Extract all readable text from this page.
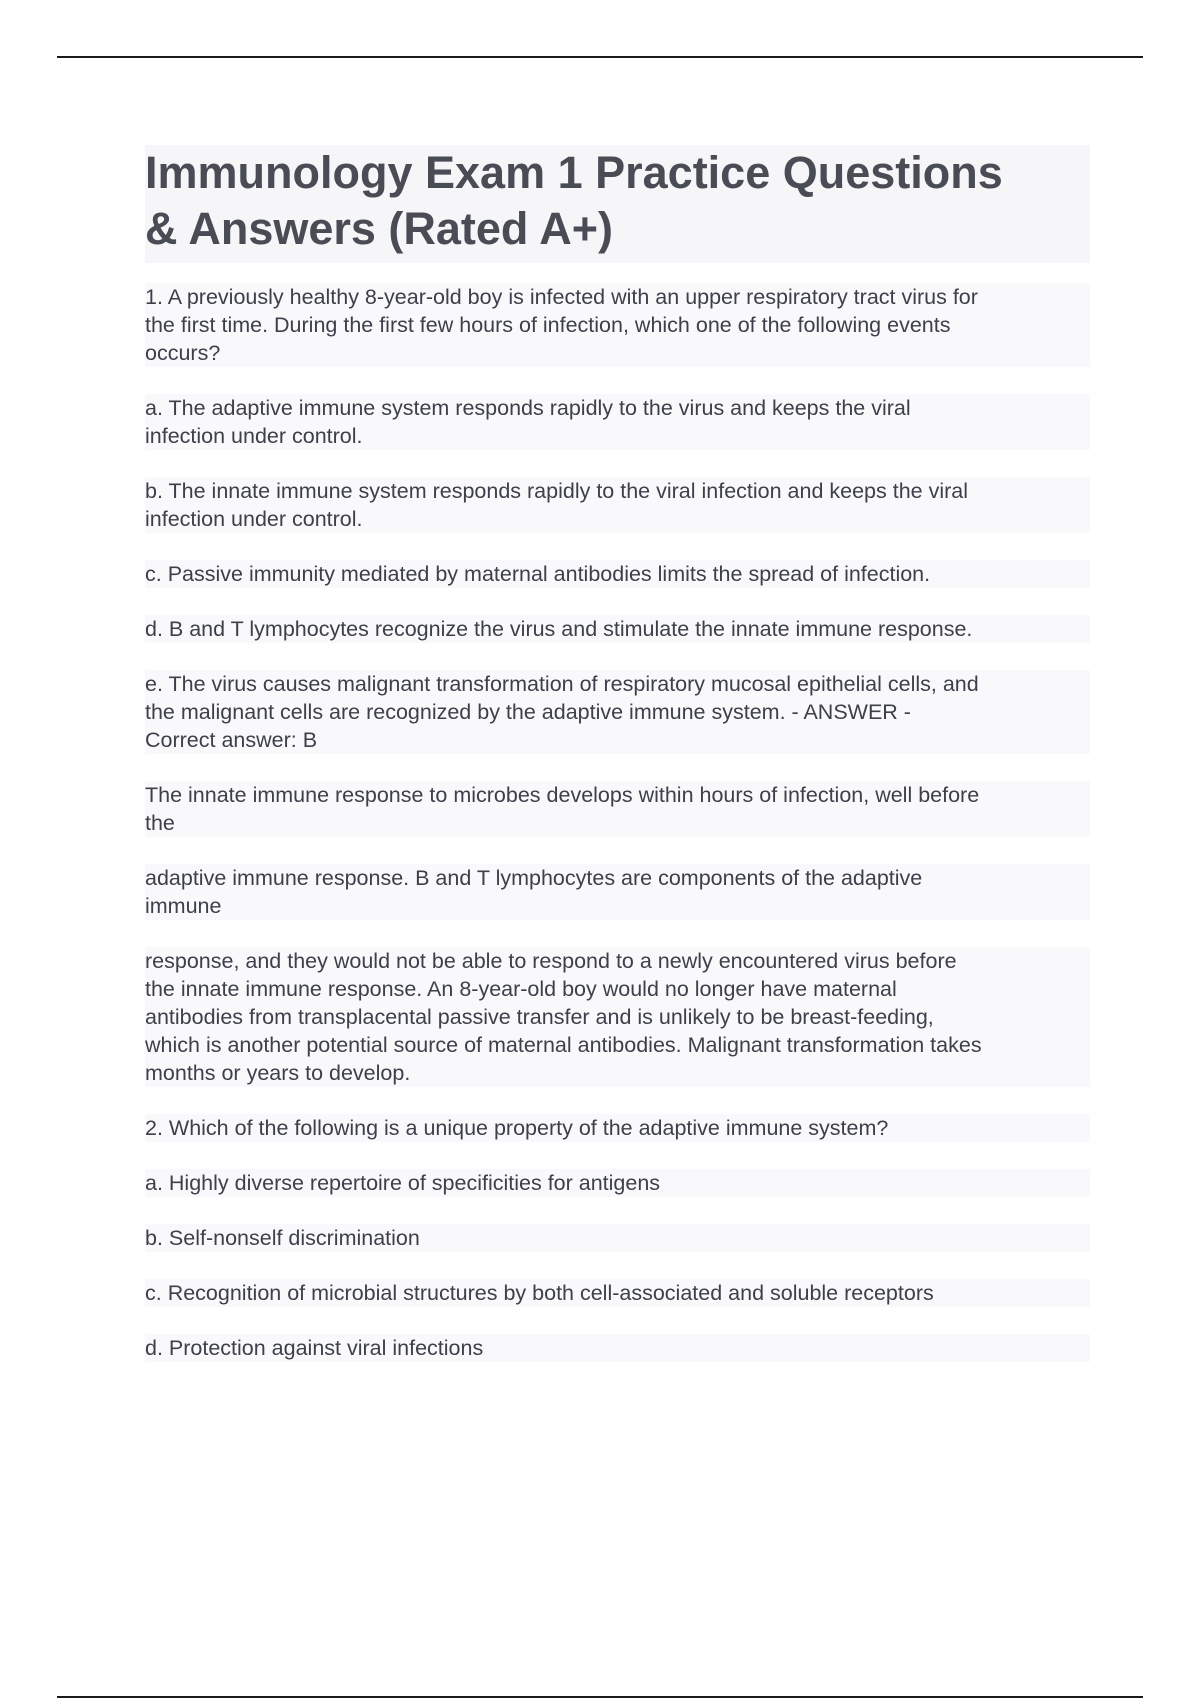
Immunology Exam 1 Practice Questions
& Answers (Rated A+)
1. A previously healthy 8-year-old boy is infected with an upper respiratory tract virus for
the first time. During the first few hours of infection, which one of the following events
occurs?
a. The adaptive immune system responds rapidly to the virus and keeps the viral
infection under control.
b. The innate immune system responds rapidly to the viral infection and keeps the viral
infection under control.
c. Passive immunity mediated by maternal antibodies limits the spread of infection.
d. B and T lymphocytes recognize the virus and stimulate the innate immune response.
e. The virus causes malignant transformation of respiratory mucosal epithelial cells, and
the malignant cells are recognized by the adaptive immune system. - ANSWER -
Correct answer: B
The innate immune response to microbes develops within hours of infection, well before
the
adaptive immune response. B and T lymphocytes are components of the adaptive
immune
response, and they would not be able to respond to a newly encountered virus before
the innate immune response. An 8-year-old boy would no longer have maternal
antibodies from transplacental passive transfer and is unlikely to be breast-feeding,
which is another potential source of maternal antibodies. Malignant transformation takes
months or years to develop.
2. Which of the following is a unique property of the adaptive immune system?
a. Highly diverse repertoire of specificities for antigens
b. Self-nonself discrimination
c. Recognition of microbial structures by both cell-associated and soluble receptors
d. Protection against viral infections
